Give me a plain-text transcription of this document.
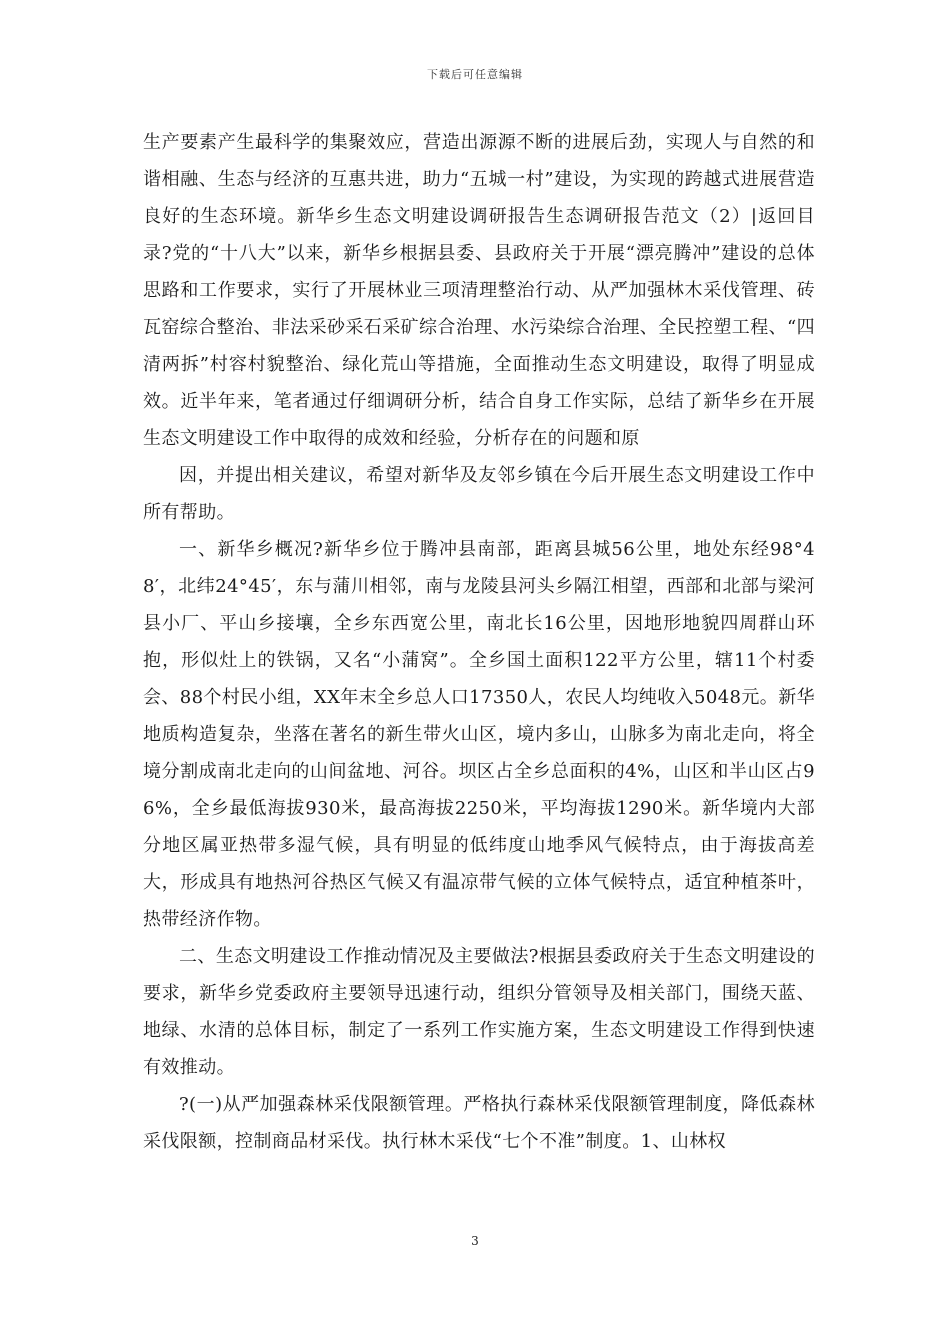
下载后可任意编辑

生产要素产生最科学的集聚效应，营造出源源不断的进展后劲，实现人与自然的和谐相融、生态与经济的互惠共进，助力“五城一村”建设，为实现的跨越式进展营造良好的生态环境。新华乡生态文明建设调研报告生态调研报告范文（2）|返回目录?党的“十八大”以来，新华乡根据县委、县政府关于开展“漂亮腾冲”建设的总体思路和工作要求，实行了开展林业三项清理整治行动、从严加强林木采伐管理、砖瓦窑综合整治、非法采砂采石采矿综合治理、水污染综合治理、全民控塑工程、“四清两拆”村容村貌整治、绿化荒山等措施，全面推动生态文明建设，取得了明显成效。近半年来，笔者通过仔细调研分析，结合自身工作实际，总结了新华乡在开展生态文明建设工作中取得的成效和经验，分析存在的问题和原

因，并提出相关建议，希望对新华及友邻乡镇在今后开展生态文明建设工作中所有帮助。

一、新华乡概况?新华乡位于腾冲县南部，距离县城56公里，地处东经98°48′，北纬24°45′，东与蒲川相邻，南与龙陵县河头乡隔江相望，西部和北部与梁河县小厂、平山乡接壤，全乡东西宽公里，南北长16公里，因地形地貌四周群山环抱，形似灶上的铁锅，又名“小蒲窝”。全乡国土面积122平方公里，辖11个村委会、88个村民小组，XX年末全乡总人口17350人，农民人均纯收入5048元。新华地质构造复杂，坐落在著名的新生带火山区，境内多山，山脉多为南北走向，将全境分割成南北走向的山间盆地、河谷。坝区占全乡总面积的4%，山区和半山区占96%，全乡最低海拔930米，最高海拔2250米，平均海拔1290米。新华境内大部分地区属亚热带多湿气候，具有明显的低纬度山地季风气候特点，由于海拔高差大，形成具有地热河谷热区气候又有温凉带气候的立体气候特点，适宜种植茶叶，热带经济作物。

二、生态文明建设工作推动情况及主要做法?根据县委政府关于生态文明建设的要求，新华乡党委政府主要领导迅速行动，组织分管领导及相关部门，围绕天蓝、地绿、水清的总体目标，制定了一系列工作实施方案，生态文明建设工作得到快速有效推动。

?(一)从严加强森林采伐限额管理。严格执行森林采伐限额管理制度，降低森林采伐限额，控制商品材采伐。执行林木采伐“七个不准”制度。1、山林权

3
